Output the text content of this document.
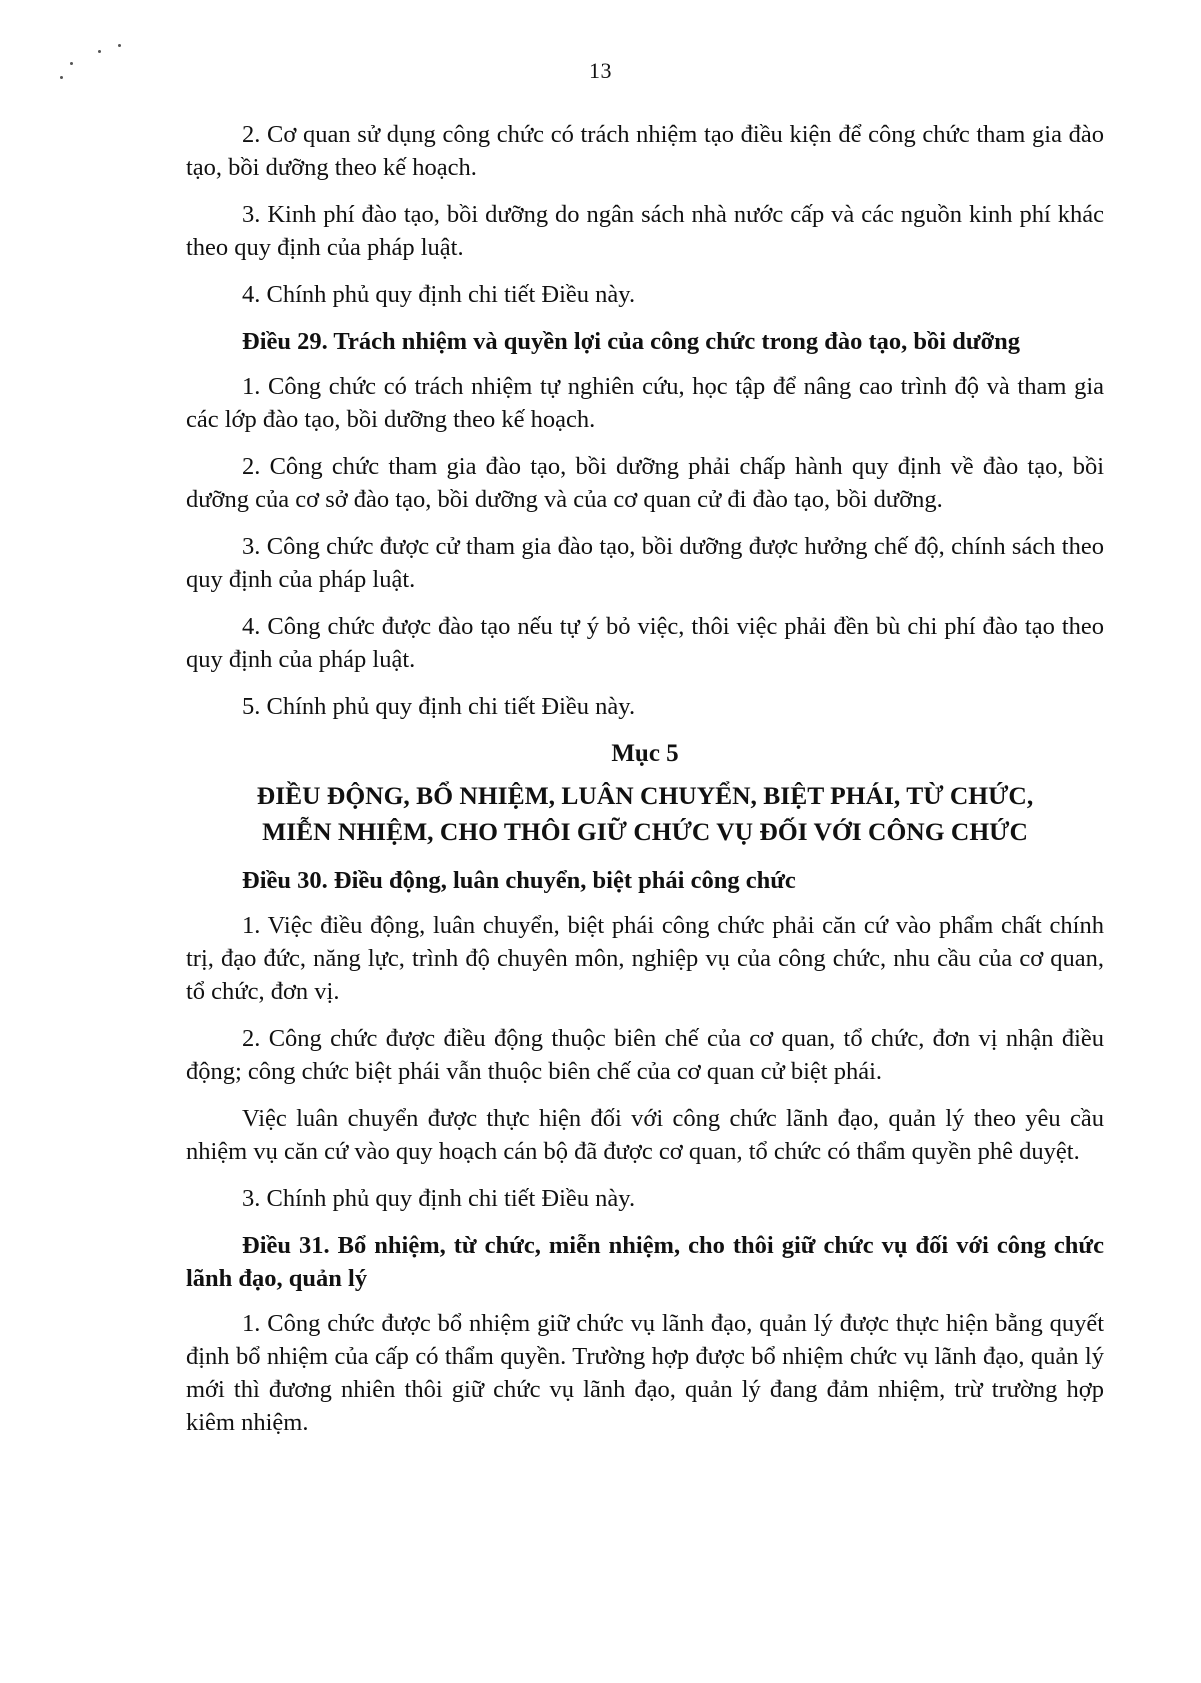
13

2. Cơ quan sử dụng công chức có trách nhiệm tạo điều kiện để công chức tham gia đào tạo, bồi dưỡng theo kế hoạch.

3. Kinh phí đào tạo, bồi dưỡng do ngân sách nhà nước cấp và các nguồn kinh phí khác theo quy định của pháp luật.

4. Chính phủ quy định chi tiết Điều này.

Điều 29. Trách nhiệm và quyền lợi của công chức trong đào tạo, bồi dưỡng

1. Công chức có trách nhiệm tự nghiên cứu, học tập để nâng cao trình độ và tham gia các lớp đào tạo, bồi dưỡng theo kế hoạch.

2. Công chức tham gia đào tạo, bồi dưỡng phải chấp hành quy định về đào tạo, bồi dưỡng của cơ sở đào tạo, bồi dưỡng và của cơ quan cử đi đào tạo, bồi dưỡng.

3. Công chức được cử tham gia đào tạo, bồi dưỡng được hưởng chế độ, chính sách theo quy định của pháp luật.

4. Công chức được đào tạo nếu tự ý bỏ việc, thôi việc phải đền bù chi phí đào tạo theo quy định của pháp luật.

5. Chính phủ quy định chi tiết Điều này.

Mục 5

ĐIỀU ĐỘNG, BỔ NHIỆM, LUÂN CHUYỂN, BIỆT PHÁI, TỪ CHỨC,
MIỄN NHIỆM, CHO THÔI GIỮ CHỨC VỤ ĐỐI VỚI CÔNG CHỨC

Điều 30. Điều động, luân chuyển, biệt phái công chức

1. Việc điều động, luân chuyển, biệt phái công chức phải căn cứ vào phẩm chất chính trị, đạo đức, năng lực, trình độ chuyên môn, nghiệp vụ của công chức, nhu cầu của cơ quan, tổ chức, đơn vị.

2. Công chức được điều động thuộc biên chế của cơ quan, tổ chức, đơn vị nhận điều động; công chức biệt phái vẫn thuộc biên chế của cơ quan cử biệt phái.

Việc luân chuyển được thực hiện đối với công chức lãnh đạo, quản lý theo yêu cầu nhiệm vụ căn cứ vào quy hoạch cán bộ đã được cơ quan, tổ chức có thẩm quyền phê duyệt.

3. Chính phủ quy định chi tiết Điều này.

Điều 31. Bổ nhiệm, từ chức, miễn nhiệm, cho thôi giữ chức vụ đối với công chức lãnh đạo, quản lý

1. Công chức được bổ nhiệm giữ chức vụ lãnh đạo, quản lý được thực hiện bằng quyết định bổ nhiệm của cấp có thẩm quyền. Trường hợp được bổ nhiệm chức vụ lãnh đạo, quản lý mới thì đương nhiên thôi giữ chức vụ lãnh đạo, quản lý đang đảm nhiệm, trừ trường hợp kiêm nhiệm.
